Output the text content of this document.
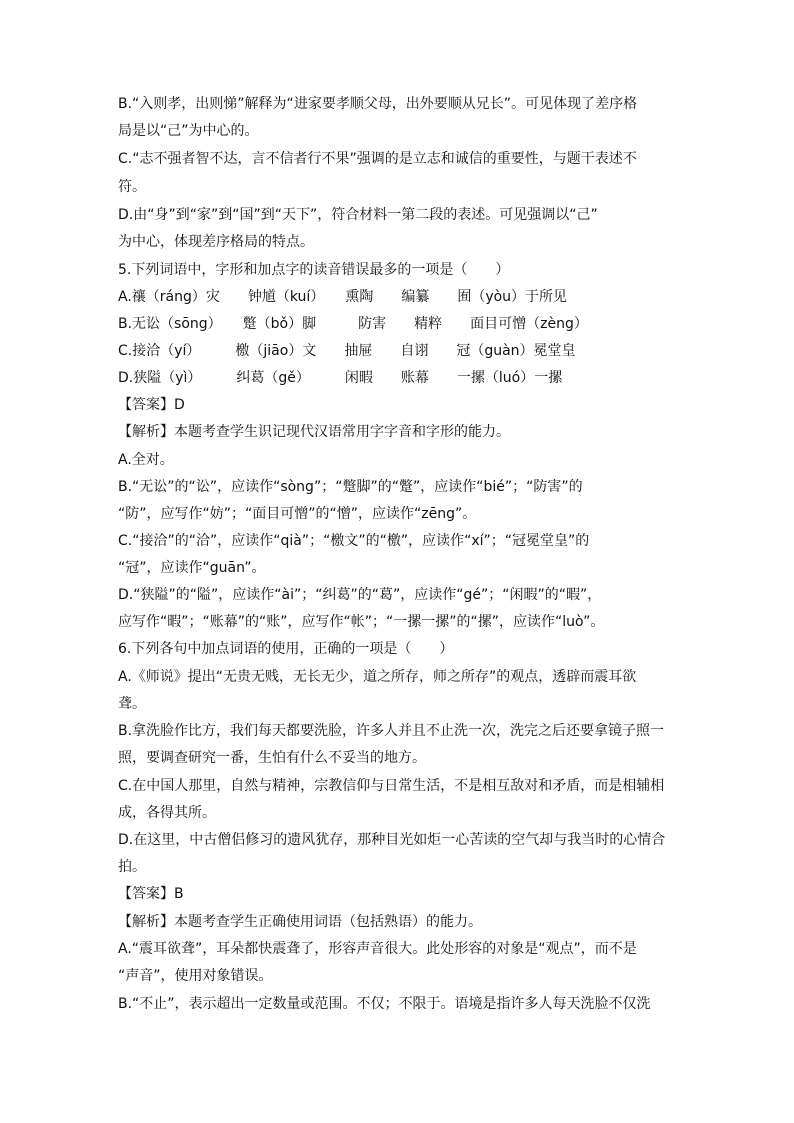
B.“入则孝，出则悌”解释为“进家要孝顺父母，出外要顺从兄长”。可见体现了差序格
局是以“己”为中心的。
C.“志不强者智不达，言不信者行不果”强调的是立志和诚信的重要性，与题干表述不
符。
D.由“身”到“家”到“国”到“天下”，符合材料一第二段的表述。可见强调以“己”
为中心，体现差序格局的特点。
5.下列词语中，字形和加点字的读音错误最多的一项是（　　）
A.禳（ráng）灾　　钟馗（kuí）　　熏陶　　编纂　　囿（yòu）于所见
B.无讼（sōng）　　蹩（bǒ）脚　　　防害　　精粹　　面目可憎（zèng）
C.接洽（yí）　　　檄（jiāo）文　　抽屉　　自诩　　冠（guàn）冕堂皇
D.狭隘（yì）　　　纠葛（gě）　　　闲暇　　账幕　　一摞（luó）一摞
【答案】D
【解析】本题考查学生识记现代汉语常用字字音和字形的能力。
A.全对。
B.“无讼”的“讼”，应读作“sòng”；“蹩脚”的“蹩”，应读作“bié”；“防害”的
“防”，应写作“妨”；“面目可憎”的“憎”，应读作“zēng”。
C.“接洽”的“洽”，应读作“qià”；“檄文”的“檄”，应读作“xí”；“冠冕堂皇”的
“冠”，应读作“guān”。
D.“狭隘”的“隘”，应读作“ài”；“纠葛”的“葛”，应读作“gé”；“闲暇”的“暇”，
应写作“暇”；“账幕”的“账”，应写作“帐”；“一摞一摞”的“摞”，应读作“luò”。
6.下列各句中加点词语的使用，正确的一项是（　　）
A.《师说》提出“无贵无贱，无长无少，道之所存，师之所存”的观点，透辟而震耳欲
聋。
B.拿洗脸作比方，我们每天都要洗脸，许多人并且不止洗一次，洗完之后还要拿镜子照一
照，要调查研究一番，生怕有什么不妥当的地方。
C.在中国人那里，自然与精神，宗教信仰与日常生活，不是相互敌对和矛盾，而是相辅相
成，各得其所。
D.在这里，中古僧侣修习的遗风犹存，那种目光如炬一心苦读的空气却与我当时的心情合
拍。
【答案】B
【解析】本题考查学生正确使用词语（包括熟语）的能力。
A.“震耳欲聋”，耳朵都快震聋了，形容声音很大。此处形容的对象是“观点”，而不是
“声音”，使用对象错误。
B.“不止”，表示超出一定数量或范围。不仅；不限于。语境是指许多人每天洗脸不仅洗
